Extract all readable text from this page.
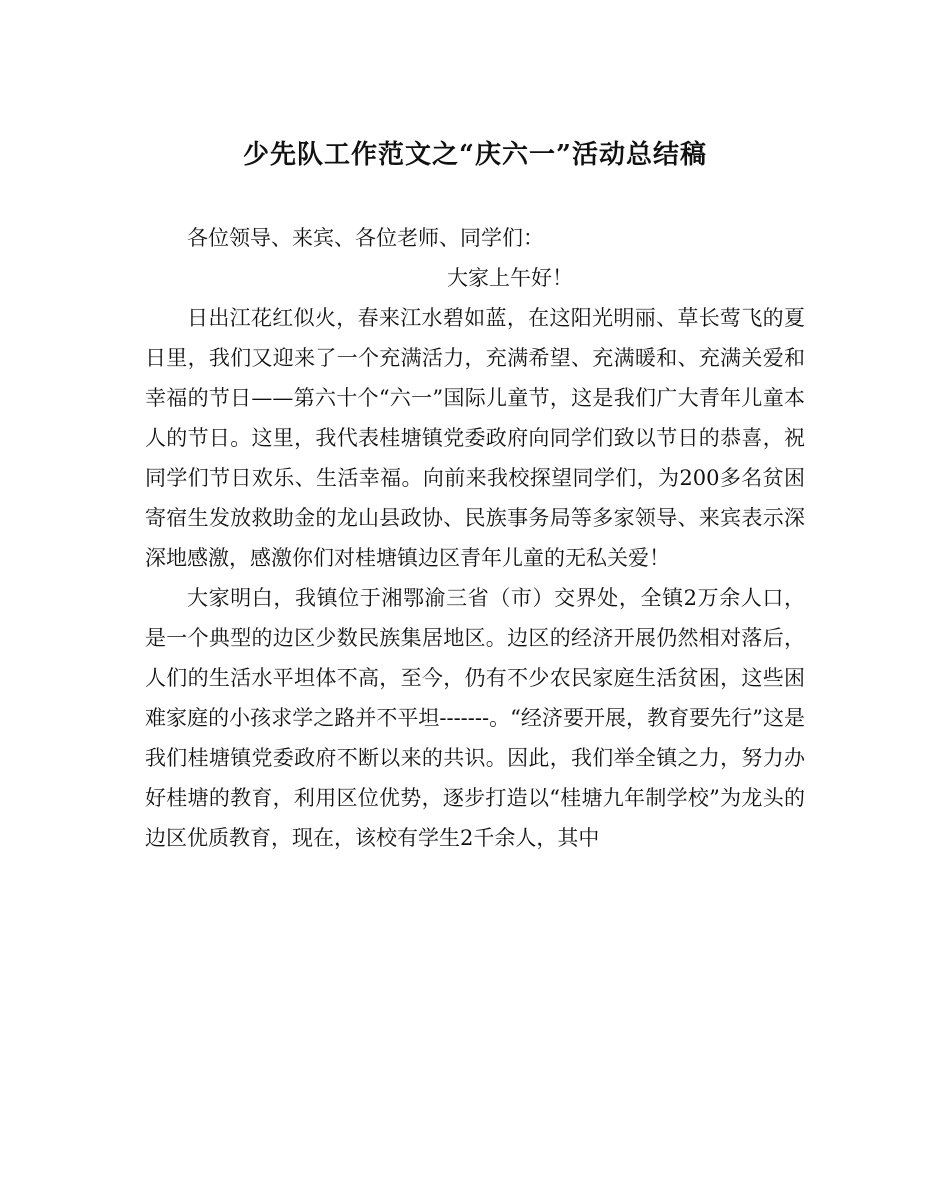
少先队工作范文之“庆六一”活动总结稿

各位领导、来宾、各位老师、同学们：

大家上午好！

日出江花红似火，春来江水碧如蓝，在这阳光明丽、草长莺飞的夏日里，我们又迎来了一个充满活力，充满希望、充满暖和、充满关爱和幸福的节日——第六十个“六一”国际儿童节，这是我们广大青年儿童本人的节日。这里，我代表桂塘镇党委政府向同学们致以节日的恭喜，祝同学们节日欢乐、生活幸福。向前来我校探望同学们，为200多名贫困寄宿生发放救助金的龙山县政协、民族事务局等多家领导、来宾表示深深地感激，感激你们对桂塘镇边区青年儿童的无私关爱！

大家明白，我镇位于湘鄂渝三省（市）交界处，全镇2万余人口，是一个典型的边区少数民族集居地区。边区的经济开展仍然相对落后，人们的生活水平坦体不高，至今，仍有不少农民家庭生活贫困，这些困难家庭的小孩求学之路并不平坦-------。“经济要开展，教育要先行”这是我们桂塘镇党委政府不断以来的共识。因此，我们举全镇之力，努力办好桂塘的教育，利用区位优势，逐步打造以“桂塘九年制学校”为龙头的边区优质教育，现在，该校有学生2千余人，其中
